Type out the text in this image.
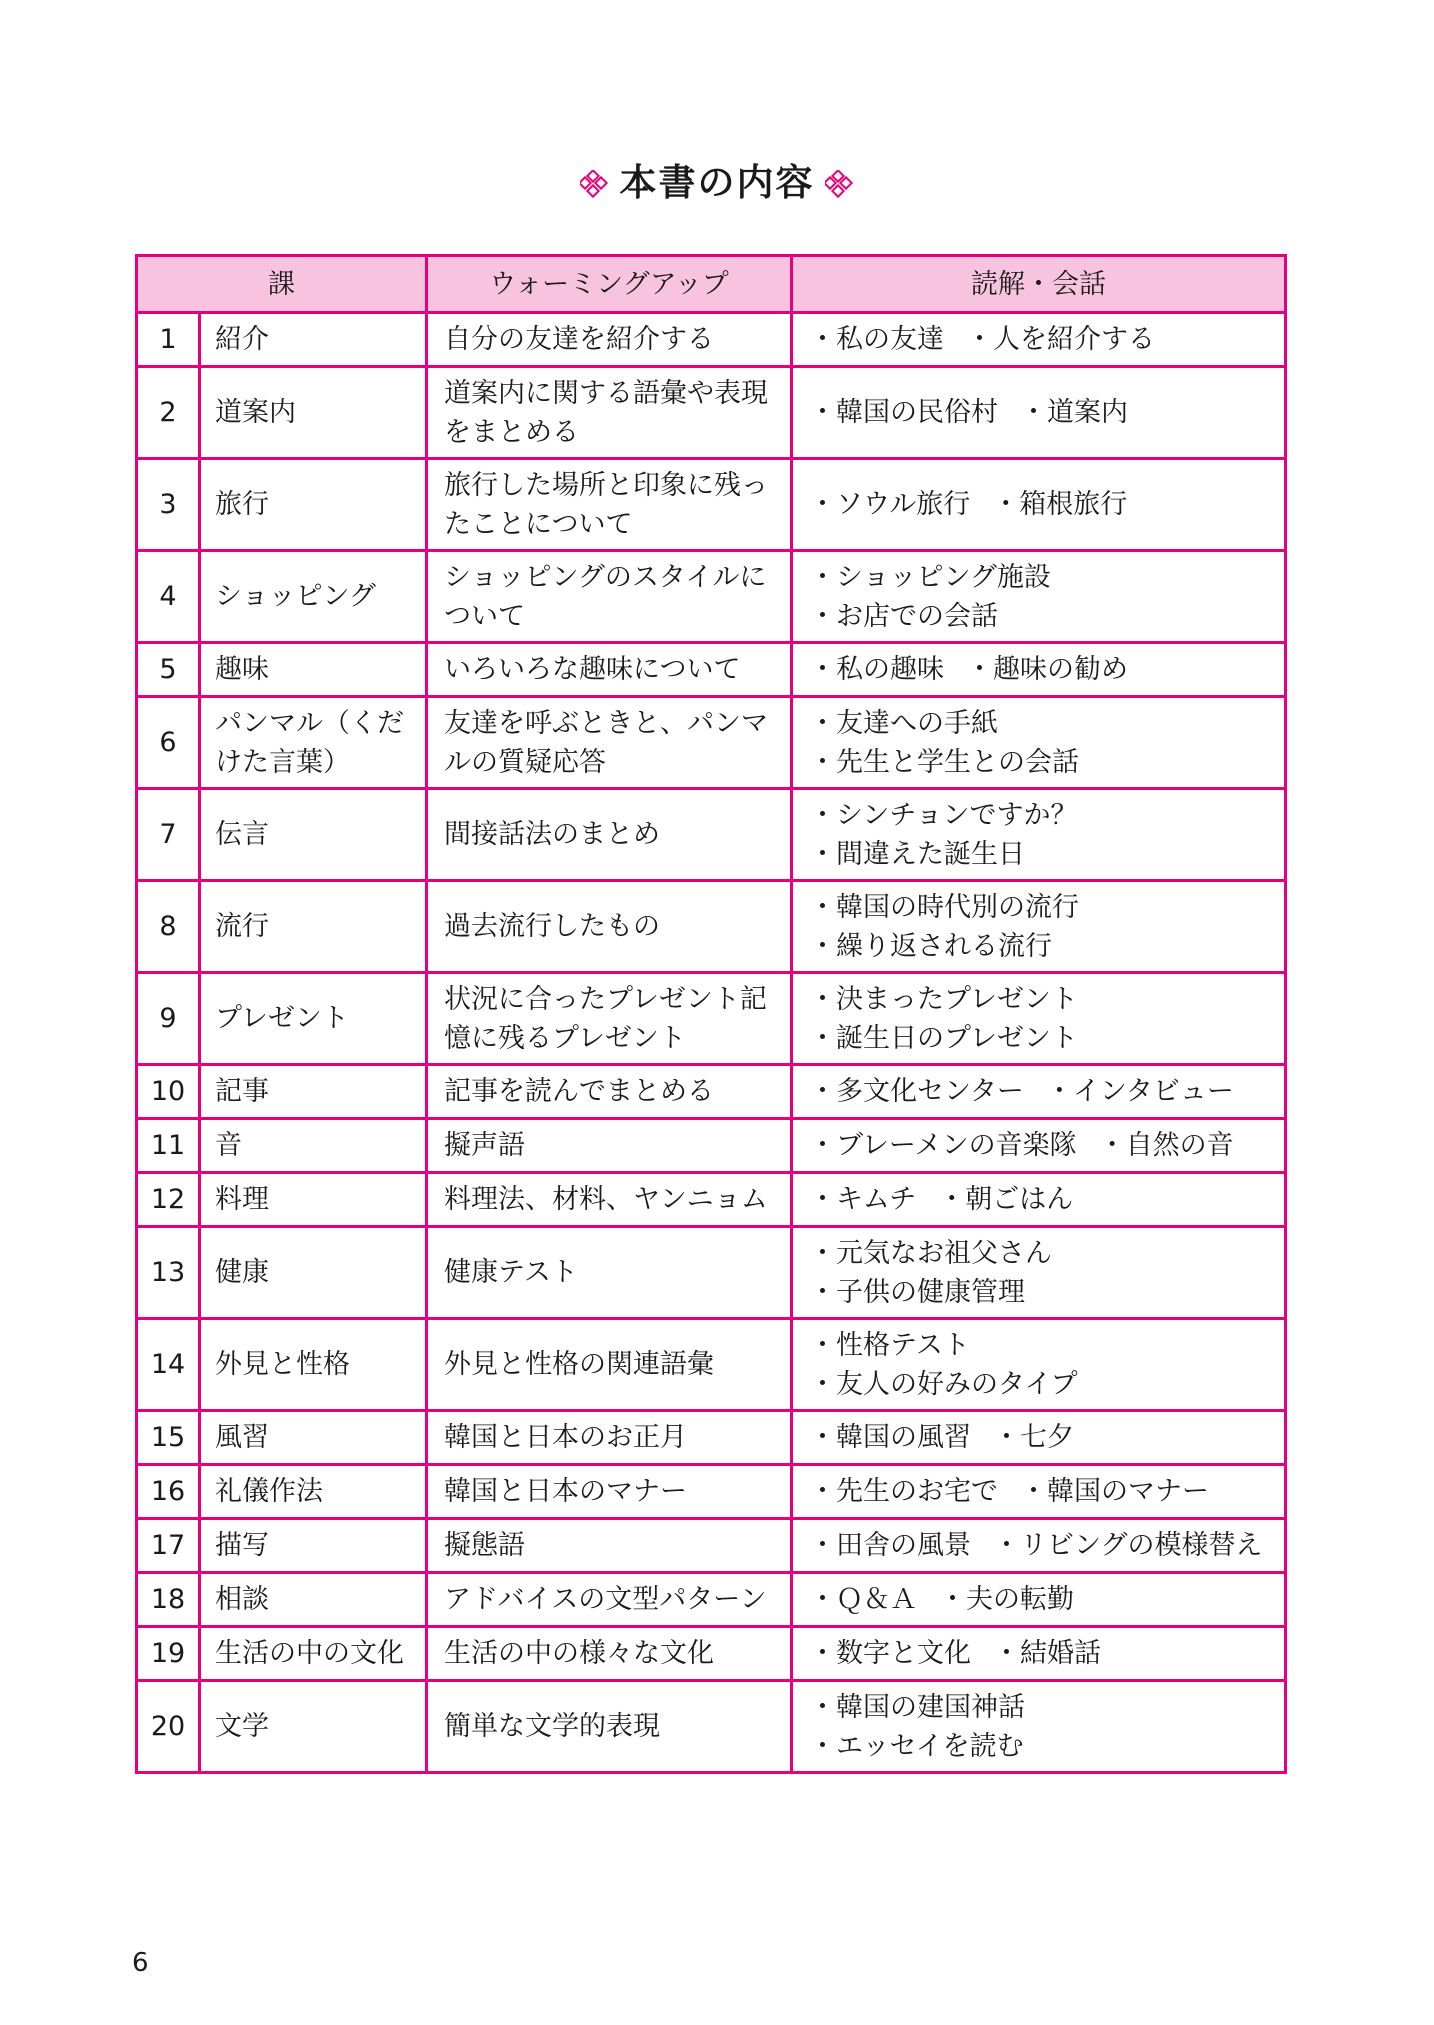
本書の内容
課		ウォーミングアップ	読解・会話
1	紹介	自分の友達を紹介する	・私の友達 ・人を紹介する
2	道案内	道案内に関する語彙や表現をまとめる	・韓国の民俗村 ・道案内
3	旅行	旅行した場所と印象に残ったことについて	・ソウル旅行 ・箱根旅行
4	ショッピング	ショッピングのスタイルについて	・ショッピング施設
・お店での会話

5	趣味	いろいろな趣味について	・私の趣味 ・趣味の勧め
6	パンマル（くだけた言葉）	友達を呼ぶときと、パンマルの質疑応答	・友達への手紙
・先生と学生との会話

7	伝言	間接話法のまとめ	・シンチョンですか？
・間違えた誕生日

8	流行	過去流行したもの	・韓国の時代別の流行
・繰り返される流行

9	プレゼント	状況に合ったプレゼント記憶に残るプレゼント	・決まったプレゼント
・誕生日のプレゼント

10	記事	記事を読んでまとめる	・多文化センター ・インタビュー
11	音	擬声語	・ブレーメンの音楽隊 ・自然の音
12	料理	料理法、材料、ヤンニョム	・キムチ ・朝ごはん
13	健康	健康テスト	・元気なお祖父さん
・子供の健康管理

14	外見と性格	外見と性格の関連語彙	・性格テスト
・友人の好みのタイプ

15	風習	韓国と日本のお正月	・韓国の風習 ・七夕
16	礼儀作法	韓国と日本のマナー	・先生のお宅で ・韓国のマナー
17	描写	擬態語	・田舎の風景 ・リビングの模様替え
18	相談	アドバイスの文型パターン	・Ｑ＆Ａ ・夫の転勤
19	生活の中の文化	生活の中の様々な文化	・数字と文化 ・結婚話
20	文学	簡単な文学的表現	・韓国の建国神話
・エッセイを読む
6
